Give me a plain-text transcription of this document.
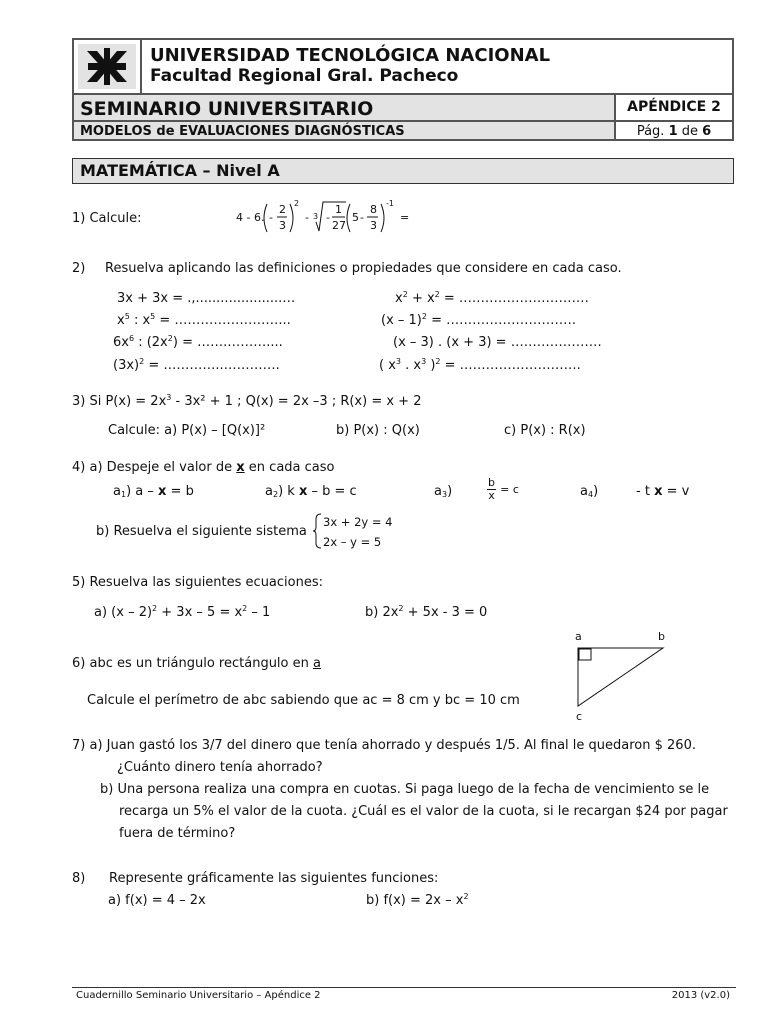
UNIVERSIDAD TECNOLÓGICA NACIONAL
Facultad Regional Gral. Pacheco
SEMINARIO UNIVERSITARIO	APÉNDICE 2
MODELOS de EVALUACIONES DIAGNÓSTICAS	Pág. 1 de 6
MATEMÁTICA – Nivel A
1) Calcule:	4 - 6. -
2
3
2
- 3 -
1
27
5 -
8
3
-1
=
2) Resuelva aplicando las definiciones o propiedades que considere en cada caso.
3x + 3x = .,.....................…	$x^2 + x^2$ = …………………………
$x^5$ : $x^5$ = ……………………...	(x – 1)$^2$ = …………………………
$6x^6$ : $(2x^2)$ = …….………....	(x – 3) . (x + 3) = …………………
$(3x)^2$ = …………..………….	( $x^3$ . $x^3$ )$^2$ = ……………………….
3) Si $P(x) = 2x^3 - 3x^2 + 1$ ; Q(x) = 2x –3 ; R(x) = x + 2
Calcule: a) P(x) – [Q(x)]²	b) P(x) : Q(x)	c) P(x) : R(x)
4) a) Despeje el valor de x en cada caso
$a_1$) a – x = b	$a_2$) k x – b = c	$a_3$)	$\frac{b}{x} = c$	$a_4$)	- t x = v
b) Resuelva el siguiente sistema
3x + 2y = 4
2x – y = 5
5) Resuelva las siguientes ecuaciones:
a) $(x - 2)^2 + 3x - 5 = x^2 - 1$	b) $2x^2 + 5x - 3 = 0$
6) abc es un triángulo rectángulo en a
Calcule el perímetro de abc sabiendo que ac = 8 cm y bc = 10 cm
a	b
c
7) a) Juan gastó los 3/7 del dinero que tenía ahorrado y después 1/5. Al final le quedaron $ 260.
¿Cuánto dinero tenía ahorrado?
b) Una persona realiza una compra en cuotas. Si paga luego de la fecha de vencimiento se le
recarga un 5% el valor de la cuota. ¿Cuál es el valor de la cuota, si le recargan $24 por pagar
fuera de término?
8) Represente gráficamente las siguientes funciones:
a) f(x) = 4 – 2x	b) $f(x) = 2x - x^2$
Cuadernillo Seminario Universitario – Apéndice 2	2013 (v2.0)
